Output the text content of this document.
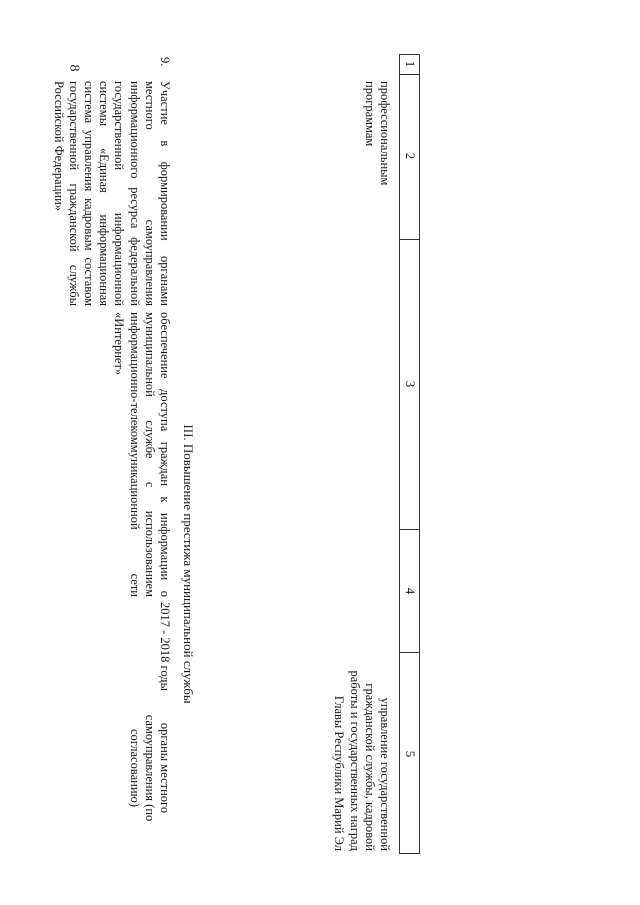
8
1
2
3
4
5
профессиональным программам
управление государственной гражданской службы, кадровой работы и государственных наград Главы Республики Марий Эл
III. Повышение престижа муниципальной службы
9.
Участие в формировании органами местного самоуправления информационного ресурса федеральной государственной информационной системы «Единая информационная система управления кадровым составом государственной гражданской службы Российской Федерации»
обеспечение доступа граждан к информации о муниципальной службе с использованием информационно-телекоммуникационной сети «Интернет»
2017 - 2018 годы
органы местного самоуправления (по согласованию)
